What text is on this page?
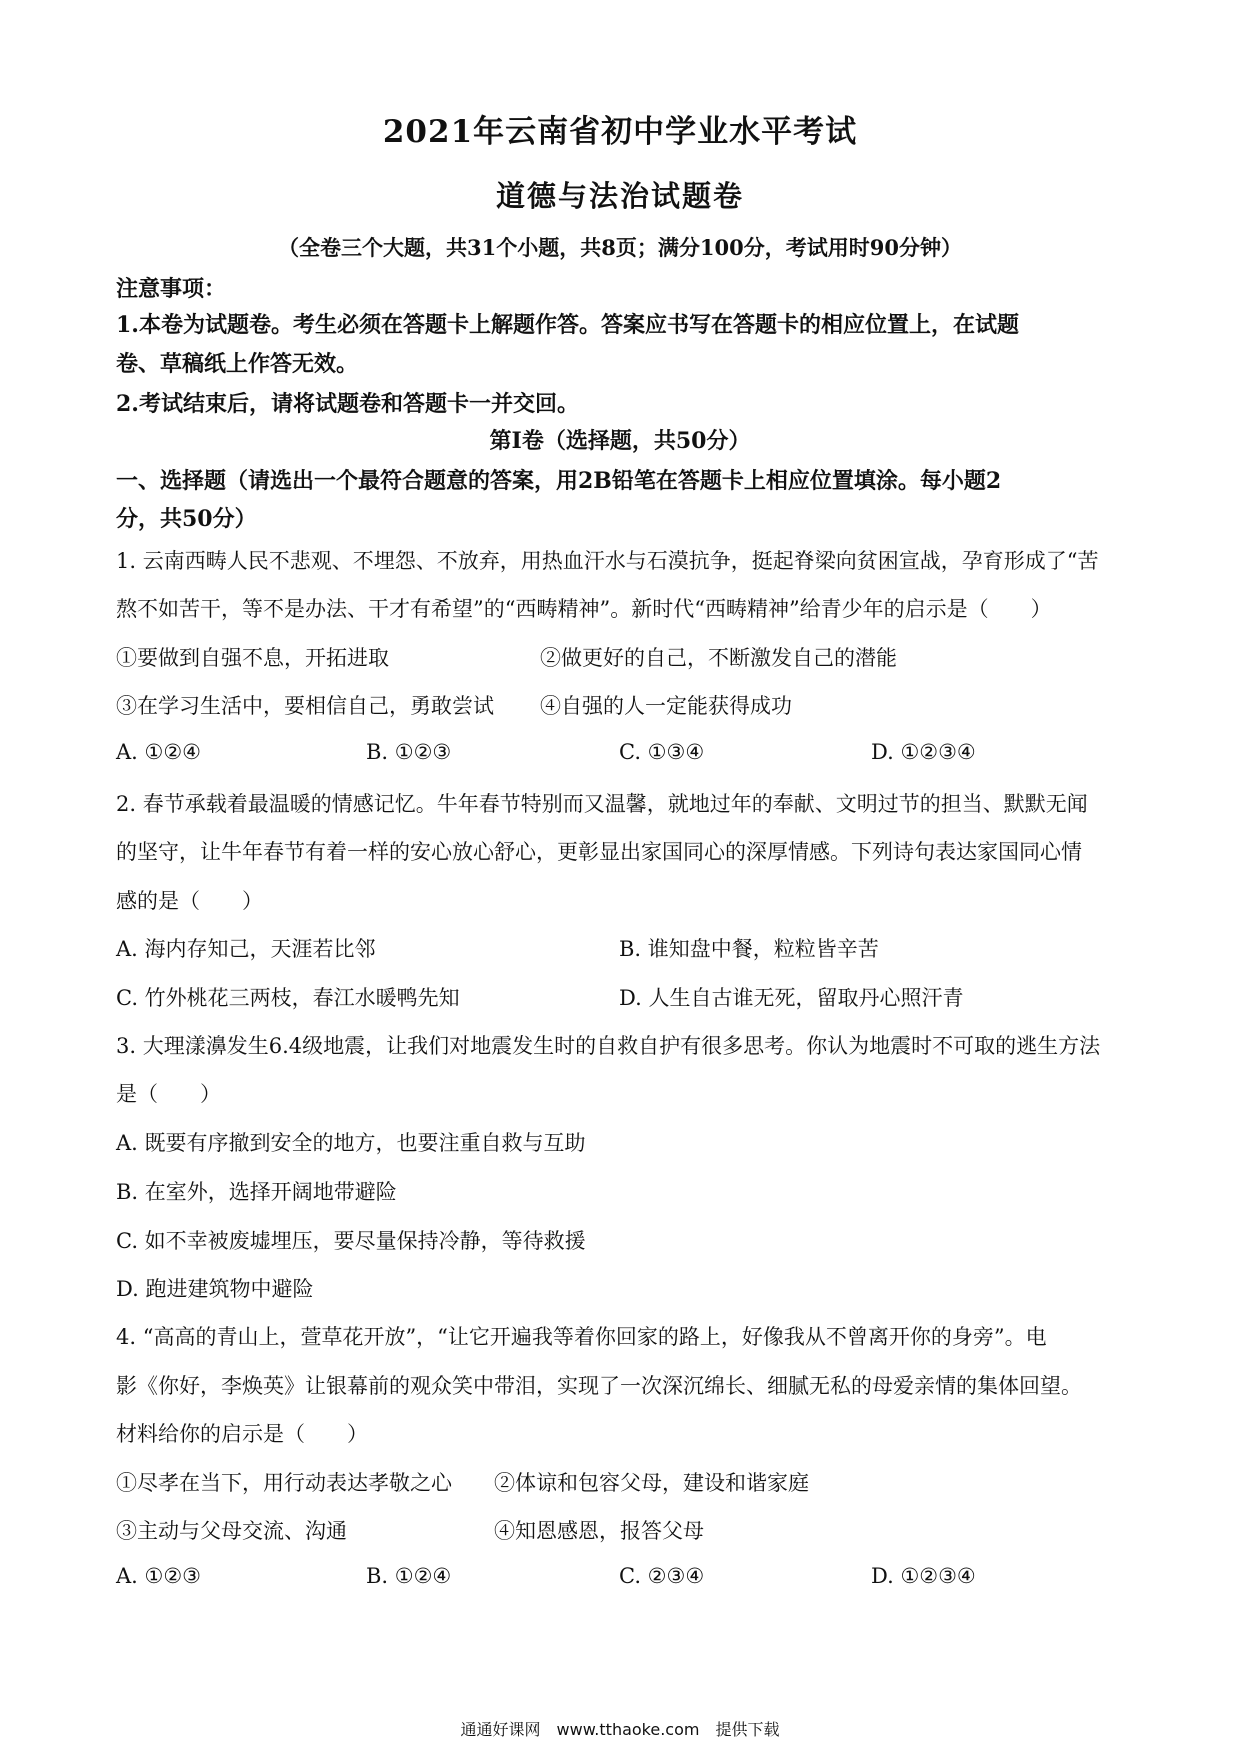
2021年云南省初中学业水平考试
道德与法治试题卷
（全卷三个大题，共31个小题，共8页；满分100分，考试用时90分钟）
注意事项：
1.本卷为试题卷。考生必须在答题卡上解题作答。答案应书写在答题卡的相应位置上，在试题
卷、草稿纸上作答无效。
2.考试结束后，请将试题卷和答题卡一并交回。
第Ⅰ卷（选择题，共50分）
一、选择题（请选出一个最符合题意的答案，用2B铅笔在答题卡上相应位置填涂。每小题2
分，共50分）
1. 云南西畴人民不悲观、不埋怨、不放弃，用热血汗水与石漠抗争，挺起脊梁向贫困宣战，孕育形成了“苦
熬不如苦干，等不是办法、干才有希望”的“西畴精神”。新时代“西畴精神”给青少年的启示是（　　）
①要做到自强不息，开拓进取	②做更好的自己，不断激发自己的潜能
③在学习生活中，要相信自己，勇敢尝试 ④自强的人一定能获得成功
A. ①②④	B. ①②③	C. ①③④	D. ①②③④
2. 春节承载着最温暖的情感记忆。牛年春节特别而又温馨，就地过年的奉献、文明过节的担当、默默无闻
的坚守，让牛年春节有着一样的安心放心舒心，更彰显出家国同心的深厚情感。下列诗句表达家国同心情
感的是（　　）
A. 海内存知己，天涯若比邻	B. 谁知盘中餐，粒粒皆辛苦
C. 竹外桃花三两枝，春江水暖鸭先知	D. 人生自古谁无死，留取丹心照汗青
3. 大理漾濞发生6.4级地震，让我们对地震发生时的自救自护有很多思考。你认为地震时不可取的逃生方法
是（　　）
A. 既要有序撤到安全的地方，也要注重自救与互助
B. 在室外，选择开阔地带避险
C. 如不幸被废墟埋压，要尽量保持冷静，等待救援
D. 跑进建筑物中避险
4. “高高的青山上，萱草花开放”，“让它开遍我等着你回家的路上，好像我从不曾离开你的身旁”。电
影《你好，李焕英》让银幕前的观众笑中带泪，实现了一次深沉绵长、细腻无私的母爱亲情的集体回望。
材料给你的启示是（　　）
①尽孝在当下，用行动表达孝敬之心 ②体谅和包容父母，建设和谐家庭
③主动与父母交流、沟通	④知恩感恩，报答父母
A. ①②③	B. ①②④	C. ②③④	D. ①②③④
通通好课网　www.tthaoke.com　提供下载
